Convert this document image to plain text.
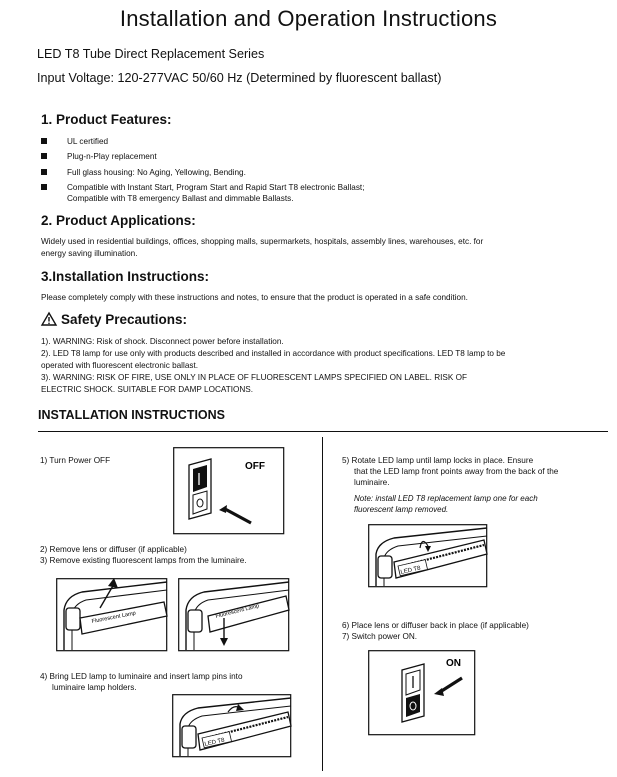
Installation and Operation Instructions
LED T8 Tube Direct Replacement Series
Input Voltage: 120-277VAC 50/60 Hz (Determined by fluorescent ballast)
1. Product Features:
UL certified
Plug-n-Play replacement
Full glass housing: No Aging, Yellowing, Bending.
Compatible with Instant Start, Program Start and Rapid Start T8 electronic Ballast;
Compatible with T8 emergency Ballast and dimmable Ballasts.
2. Product Applications:
Widely used in residential buildings, offices, shopping malls, supermarkets, hospitals, assembly lines, warehouses, etc. for
energy saving illumination.
3.Installation Instructions:
Please completely comply with these instructions and notes, to ensure that the product is operated in a safe condition.
Safety Precautions:
1). WARNING: Risk of shock. Disconnect power before installation.
2). LED T8 lamp for use only with products described and installed in accordance with product specifications. LED T8 lamp to be
operated with fluorescent electronic ballast.
3). WARNING: RISK OF FIRE, USE ONLY IN PLACE OF FLUORESCENT LAMPS SPECIFIED ON LABEL. RISK OF
ELECTRIC SHOCK. SUITABLE FOR DAMP LOCATIONS.
INSTALLATION INSTRUCTIONS
1) Turn Power OFF
OFF
2) Remove lens or diffuser (if applicable)
3) Remove existing fluorescent lamps from the luminaire.
Fluorescent Lamp	Fluorescent Lamp
4) Bring LED lamp to luminaire and insert lamp pins into
luminaire lamp holders.
LED T8
5) Rotate LED lamp until lamp locks in place. Ensure
that the LED lamp front points away from the back of the
luminaire.
Note: install LED T8 replacement lamp one for each
fluorescent lamp removed.
LED T8
6) Place lens or diffuser back in place (if applicable)
7) Switch power ON.
ON
